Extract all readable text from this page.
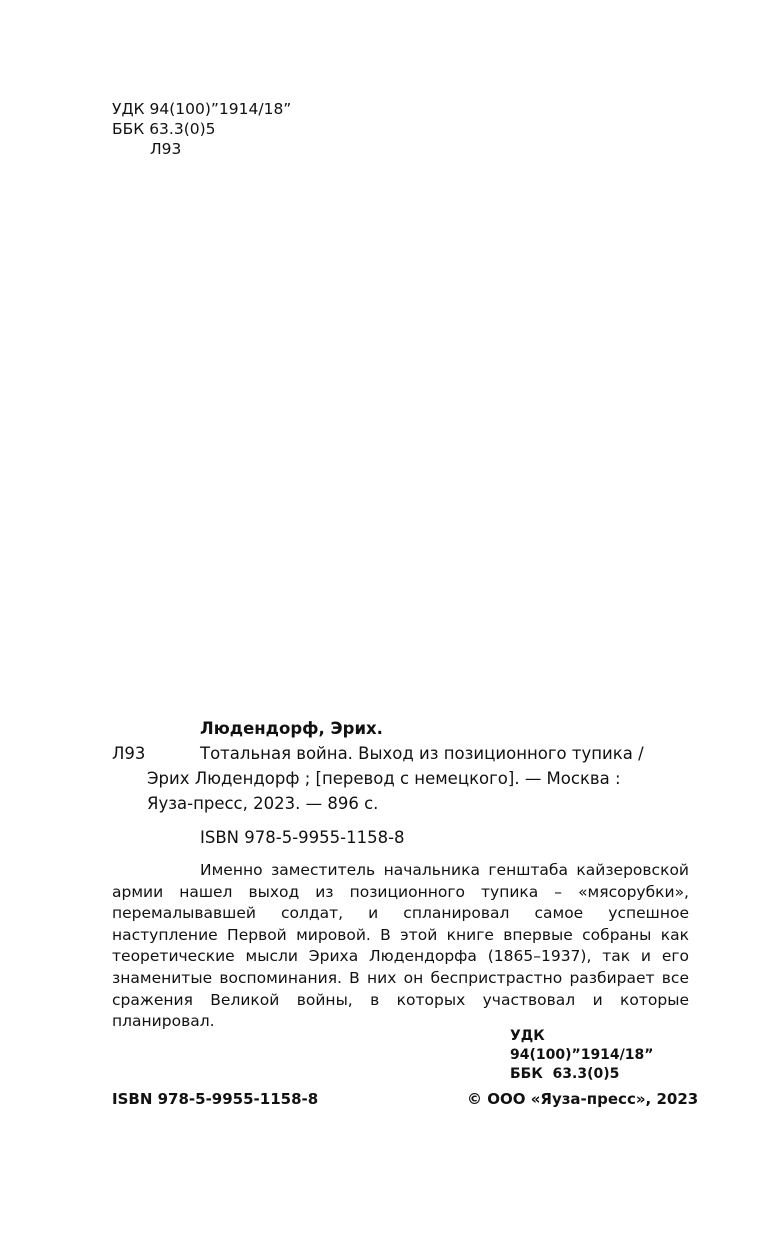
УДК 94(100)”1914/18”
ББК 63.3(0)5
Л93
Людендорф, Эрих.
Л93	Тотальная война. Выход из позиционного тупика /
Эрих Людендорф ; [перевод с немецкого]. — Москва :
Яуза-пресс, 2023. — 896 с.
ISBN 978-5-9955-1158-8

Именно заместитель начальника генштаба кайзеровской армии нашел выход из позиционного тупика – «мясорубки», перемалывавшей солдат, и спланировал самое успешное наступление Первой мировой. В этой книге впервые собраны как теоретические мысли Эриха Людендорфа (1865–1937), так и его знаменитые воспоминания. В них он беспристрастно разбирает все сражения Великой войны, в которых участвовал и которые планировал.

УДК 94(100)”1914/18”
ББК  63.3(0)5
ISBN 978-5-9955-1158-8	© ООО «Яуза-пресс», 2023
